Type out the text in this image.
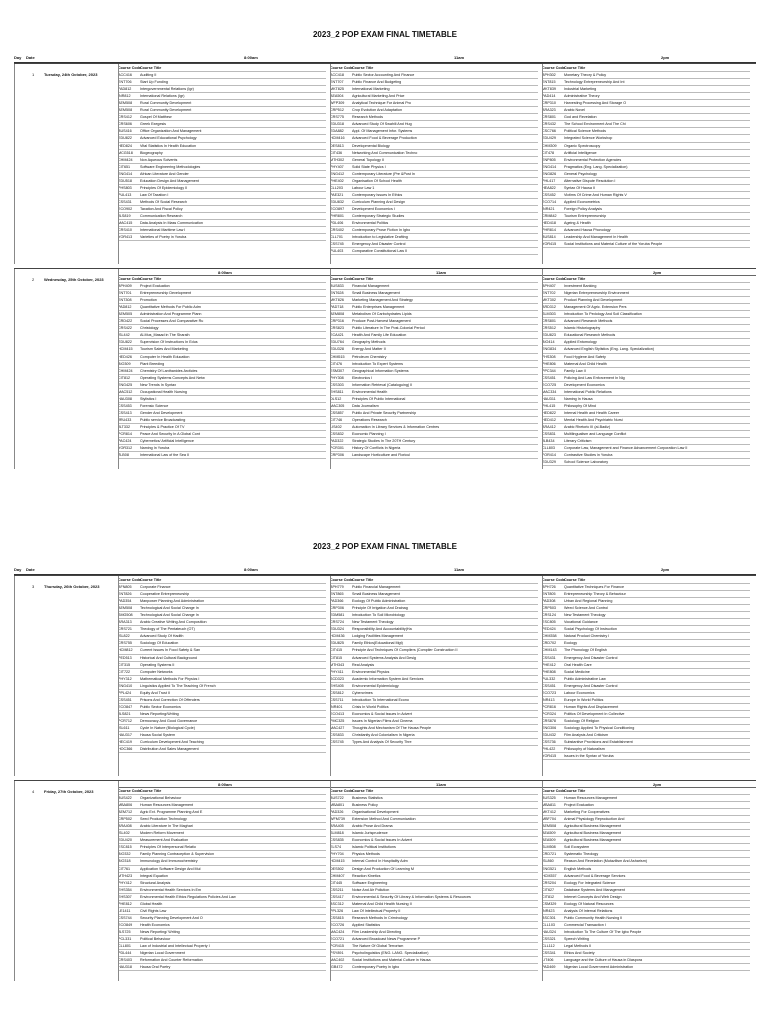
2023_2 POP EXAM FINAL TIMETABLE
Day Date	8:00am	11am	2pm
1 Tuesday, 24th October, 2023
Course Code Course Title
ACC416	Auditing II
ENT706	Start Up Funding
FAD812	Intergovernmental Relations (Igr)
INR812	International Relations (Igr)
AEM508	Rural Community Development
AEM508	Rural Community Development
CRS412	Gospel Of Matthew
CRS606	Greek Exegesis
BUS416	Office Organization And Management
EDU822	Advanced Educational Psychology
HED824	Vital Statistics In Health Education
MCG518	Biogeography
CHM424	Non Aqueous Solvents
CIT651	Software Engineering Methodologies
ENG414	African Literature And Gender
EDU518	Education Design And Management
PHS803	Principles Of Epidemiology II
PUL413	Law Of Taxation I
CSS431	Methods Of Social Research
ECO902	Taxation And Fiscal Policy
JLS819	Communication Research
MAC415	Data Analysis In Mass Communication
CRS410	International Maritime Law I
YOR413	Varieties of Poetry in Yoruba
Course Code Course Title
ACC418	Public Sector Accounting And Finance
ENT707	Public Finance And Budgeting
MKT825	International Marketing
AEA504	Agricultural Marketing And Price
WFP309	Analytical Technique For Animal Pro
CRP512	Crop Evolution And Adaptation
CRS775	Research Methods
EDU318	Advanced Study Of Swahili And Hug
EDA882	Appl. Of Management Infor. Systems
HCM416	Advanced Food & Beverage Production
DES813	Developmental Biology
CIT436	Networking And Communication Techno
MTH302	General Topology II
PHY407	Solid State Physics I
ENG412	Contemporary Literature (Pre &Post In
PHE402	Organisation Of School Health
CLL203	Labour Law 1
PAE321	Contemporary Issues In Ethics
EDU832	Curriculum Planning And Design
ECO897	Development Economics I
PHR801	Contemporary Strategic Studies
PDL406	Environmental Politics
CRS402	Contemporary Prose Fiction In Igbo
CLL701	Introduction to Legislative Drafting
CSS745	Emergency And Disaster Control
PUL403	Comparative Constitutional Law II
Course Code Course Title
BPH302	Monetary Theory & Policy
ENT815	Technology Entrepreneurship And Int
MKT839	Industrial Marketing
PAD414	Administrative Theory
CRP310	Harvesting Processing And Storage O
ARA323	Arabic Novel
CRS801	God and Revelation
CRS432	The School Environment And The Chi
CSC766	Political Science Methods
EDU429	Integrated Science Workshop
CHM309	Organic Spectroscopy
CIT478	Artificial Intelligence
ENP805	Environmental Protection Agencies
ENG414	Pragmatics (Eng. Lang. Specialization)
ENG826	General Psychology
PHL417	Alternative Dispute Resolution I
HEA822	Syntax Of Hausa II
CSS452	Victims Of Crime And Human Rights V
ECO714	Applied Econometrics
INR421	Foreign Policy Analysis
CRM842	Tourism Entrepreneurship
HED418	Ageing & Health
PHR814	Advanced Hausa Phonology
BUS814	Leadership And Management In Health
YOR415	Social Institutions and Material Culture of the Yoruba People
2 Wednesday, 25th October, 2023
8:00am	11am	2pm
Course Code Course Title
BPH409	Project Evaluation
ENT701	Entrepreneurship Development
ENT308	Promotion
PAD812	Quantitative Methods For Public Adm
AEM505	Administration And Programme Plann
CRD422	Social Processes And Comparative Ru
CRS422	Christology
ISL442	Al-Mus_Masad in The Sharaih
EDU822	Supervision Of Instructions In Edus
HCM415	Tourism Sales And Marketing
HED426	Computer In Health Education
BIO309	Plant Breeding
CHM424	Chemistry Of Lanthanides Arcticles
CIT812	Operating Systems Concepts And Netw
ENG425	New Trends In Syntax
MAC512	Occupational Health Nursing
HAU308	Stylistics I
CSS453	Forensic Science
CSS413	Gender And Development
JRU433	Public service Broadcasting
JLT332	Principles & Practice Of TV
PCR814	Peace And Security In A Global Cont
PAC424	Cybernetics/ Artificial Intelligence
YOR312	Naming In Yoruba
ZLB08	International Law of the Sea II
Course Code Course Title
BUS833	Financial Management
ENT628	Small Business Management
MKT826	Marketing Management And Strategy
PAD718	Public Enterprises Management
AEM808	Metabolism Of Carbohydrates Lipids
CRP316	Produce Post-Harvest Management
CRS823	Public Literature In The Post-Colonial Period
ECA421	Health And Family Life Education
EDU764	Geography Methods
EDU328	Energy And Matter II
CHM515	Petroleum Chemistry
CIT476	Introduction To Expert Systems
ESM307	Geographical Information Systems
PHY308	Electronics I
CSS303	Information Retrieval (Cataloguing) II
EHS811	Environmental Health
DLS12	Principles Of Public International
MAC305	Data Journalism
CSS857	Public And Private Security Partnership
CIT746	Operations Research
LIS402	Automation In Library Services & Information Centres
CSS832	Economic Planning I
PAD322	Strategic Studies In The 20TH Century
PCR301	History Of Conflicts In Nigeria
CRP306	Landscape Horticulture and Floricul
Course Code Course Title
BPH407	Investment Banking
ENT702	Nigerian Entrepreneurship Environment
MKT302	Product Planning And Development
ARD312	Management Of Agric. Extension Pers
SLM303	Introduction To Pedology And Soil Classification
CRS801	Advanced Research Methods
CRS512	Islamic Historiography
EDU823	Educational Research Methods
BIO414	Applied Entomology
ENG834	Advanced English Stylistics (Eng. Lang. Specialization)
FHS308	Food Hygiene And Safety
PHE806	Maternal And Child Health
PPC344	Family Law II
CSS451	Policing And Law Enforcement In Nig
ECO725	Development Economics
MAC334	International Public Relations
HAU311	Naming In Hausa
PHL415	Philosophy Of Mind
HED822	Internal Health and Health Career
HED412	Mental Health And Psychiatric Nursi
ARA412	Arabic Rhetoric III (al-Badiz)
CSS831	Multilingualism and Language Conflict
JLB434	Literary Criticism
CLL803	Corporate Law, Management and Finance Advancement Corporation Law II
FOR414	Contrastive Studies in Yoruba
EDU329	School Science Laboratory
2023_2 POP EXAM FINAL TIMETABLE
Day Date	8:00am	11am	2pm
3 Thursday, 26th October, 2023
Course Code Course Title
BFN805	Corporate Finance
ENT826	Cooperative Entrepreneurship
PAD354	Manpower Planning And Administration
AEM508	Technological And Social Change In
SMG508	Technological And Social Change In
ARA313	Arabic Creative Writing And Composition
CRS721	Theology of The Pentateuch (OT)
ISL822	Advanced Study Of Hadith
CRS755	Sociology Of Education
HCM812	Current Issues In Food Safety & San
PED513	Historical And Cultural Background
CIT315	Operating Systems II
CIT722	Computer Networks
PHY312	Mathematical Methods For Physics I
ENG410	Linguistics Applied To The Teaching Of French
PPL424	Equity And Trust II
CSS451	Prisons And Correction Of Offenders
ECO847	Public Sector Economics
JLS821	News Reporting/Writing
PCR712	Democracy And Good Governance
ISL611	Cycle In Nature (Biological Cycle)
HAU317	Hausa Social System
HEC419	Curriculum Development And Teaching
HOC366	Distribution And Sales Management
Course Code Course Title
BPH779	Public Financial Management
ENT865	Small Business Management
PAD366	Ecology Of Public Administration
CRP306	Principle Of Irrigation And Drainag
EDM581	Introduction To Soil Microbiology
CRS724	New Testament Theology
EDU324	Responsibility And Accountability(Ha
HCM436	Lodging Facilities Management
EDU825	Family Ethics(Educational Mgt)
CIT415	Principle And Techniques Of Compilers (Compiler Construction II
CIT815	Advanced Systems Analysis And Desig
MTH343	Real Analysis
PHY411	Environmental Physics
SCD323	Academic Information System And Services
EHS405	Environmental Epidemiology
CSS812	Cybercrimes
CSS711	Introduction To International Econo
INR401	Crisis In World Politics
ECO413	Economics & Social Issues In Advert
PMC325	Issues In Nigerian Films And Cinema
MAC427	Thoughts And Mechanism Of The Hausa People
CSS833	Christianity And Colonialism In Nigeria
CSS745	Types And Analysis Of Security Thre
Course Code Course Title
BPH726	Quantitative Techniques For Finance
ENT805	Entrepreneurship Theory & Behaviour
PAD308	Urban And Regional Planning
CRP503	Weed Science And Control
CRS124	New Testament Theology
ESC805	Vocational Guidance
PED424	Social Psychology Of Instruction
CHM358	Natural Product Chemistry I
CRD702	Ecology
CHM143	The Phonology Of English
CSS431	Emergency And Disaster Control
PHE412	Oral Health Care
PHE808	Social Medicine
PUL332	Public Administrative Law
CSS451	Emergency And Disaster Control
ECO723	Labour Economics
INR413	Europe In World Politics
PCR816	Human Rights And Displacement
PCR324	Politics Of Development In Collective
CRS878	Sociology Of Religion
ENG306	Sociology Applied To Physical Conditioning
EDU432	Film Analysis And Criticism
CSS736	Substantive Provisions and Establishment
PHL422	Philosophy of Naturalism
YOR415	Issues in the Syntax of Yoruba
4 Friday, 27th October, 2023
8:00am	11am	2pm
Course Code Course Title
BUS422	Organizational Behaviour
MBA806	Human Resources Management
AEM712	Agric Ext. Programme Planning And E
CRP502	Seed Production Technology
ARA408	Arabic Literature In The Maghari
ISL402	Modern Reform Movement
EDU420	Measurement And Evaluation
ESC815	Principles Of Interpersonal Relatio
BIO332	Family Planning Contraception & Supervision
BIO318	Immunology And Immunochemistry
CIT761	Application Software Design And Mul
MTH423	Integral Equation
PHY412	Structural Analysis
EHS354	Environmental Health Services In Em
EHS307	Environmental Health Ethics Regulations Policies And Law
PHE812	Global Health
LE1411	Civil Rights Law
CSS744	Security Planning Development And O
ECO849	Health Economics
JLS725	News Reporting/ Writing
PCL331	Political Behaviour
CLL801	Law of Industrial and Intellectual Property I
PDL444	Nigerian Local Government
CRS403	Reformation And Counter Reformation
HAU318	Hausa Oral Poetry
Course Code Course Title
BUS722	Business Statistics
MBA801	Business Policy
PAD326	Organisational Development
WFM739	Extension Method And Communication
ARA405	Arabic Prose And Drama
SLM818	Islamic Jurisprudence
CSS835	Economics & Social Issues In Advert
ELS74	Islamic Political Institutions
PHY704	Physics Methods
HCM415	Internal Control In Hospitality Adm
DES502	Design And Production Of Learning M
CHM407	Reaction Kinetics
CIT445	Software Engineering
CSS211	Noise And Air Pollution
CSS417	Environmental & Security Of Library & Information Systems & Resources
BSC312	Maternal And Child Health Nursing II
PPL326	Law Of Intellectual Property II
CSS815	Research Methods In Criminology
ECO726	Applied Statistics
MAC424	Film Leadership And Directing
ECO721	Advanced Broadcast News Programme P
PCR415	The Nature Of Global Terrorism
PSY891	Psycholinguistics (ENG. LANG. Specialization)
MAC402	Social Institutions and Material Culture in Hausa
IGB472	Contemporary Poetry in Igbo
Course Code Course Title
BUS325	Human Resources Management
MBA811	Project Evaluation
MKT412	Marketing For Cooperatives
MBF704	Animal Physiology Reproduction And
AEM508	Agricultural Business Management
AEA509	Agricultural Business Management
AEA509	Agricultural Business Management
SLM508	Soil Ecosystem
CRD721	Systematic Theology
ISL860	Reason And Revelation (Mutazilism And Asharism)
ENG521	English Methods
HCM357	Advanced Food & Beverage Services
CRS204	Ecology For Integrated Science
CIT627	Database Systems And Management
CIT812	Internet Concepts And Web Design
CSM329	Ecology Of Natural Resources
INR423	Analysis Of Internal Relations
BSC301	Public Community Health Nursing II
CLL103	Commercial Transaction I
HAU324	Introduction To The Culture Of The Igbo People
CSS321	Speech Writing
CLL112	Legal Methods II
CSS341	Ethics And Society
LIT406	Language and the Culture of Hausa in Diaspora
PAD469	Nigerian Local Government Administration
